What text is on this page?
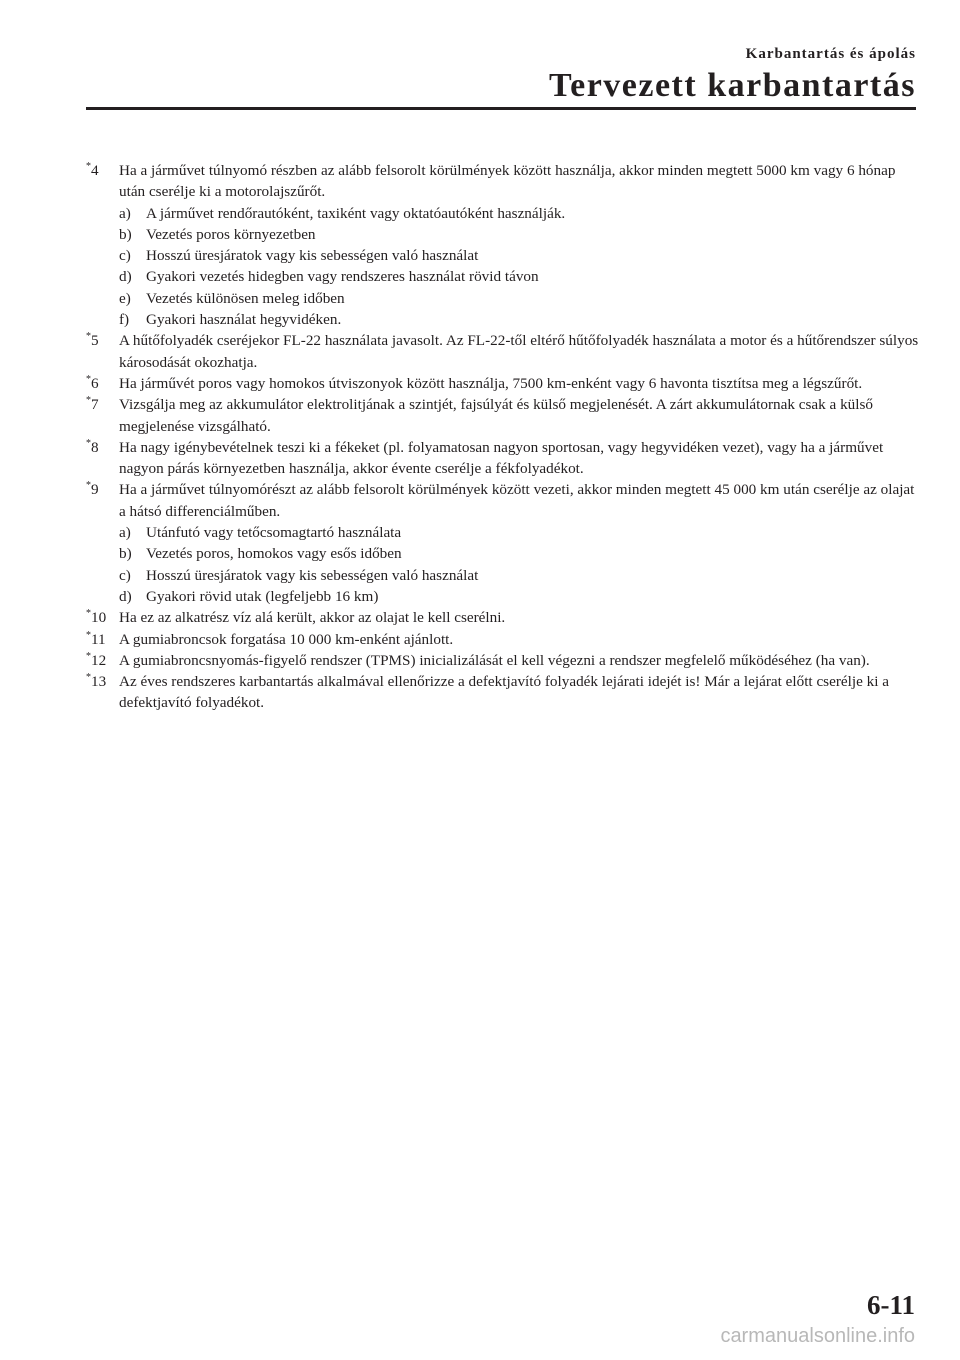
Karbantartás és ápolás
Tervezett karbantartás
*4	Ha a járművet túlnyomó részben az alább felsorolt körülmények között használja, akkor minden megtett 5000 km vagy 6 hónap után cserélje ki a motorolajszűrőt.
a) A járművet rendőrautóként, taxiként vagy oktatóautóként használják.
b) Vezetés poros környezetben
c) Hosszú üresjáratok vagy kis sebességen való használat
d) Gyakori vezetés hidegben vagy rendszeres használat rövid távon
e) Vezetés különösen meleg időben
f)	Gyakori használat hegyvidéken.
*5	A hűtőfolyadék cseréjekor FL-22 használata javasolt. Az FL-22-től eltérő hűtőfolyadék használata a motor és a hűtőrendszer súlyos károsodását okozhatja.
*6	Ha járművét poros vagy homokos útviszonyok között használja, 7500 km-enként vagy 6 havonta tisztítsa meg a légszűrőt.
*7	Vizsgálja meg az akkumulátor elektrolitjának a szintjét, fajsúlyát és külső megjelenését. A zárt akkumulátornak csak a külső megjelenése vizsgálható.
*8	Ha nagy igénybevételnek teszi ki a fékeket (pl. folyamatosan nagyon sportosan, vagy hegyvidéken vezet), vagy ha a járművet nagyon párás környezetben használja, akkor évente cserélje a fékfolyadékot.
*9	Ha a járművet túlnyomórészt az alább felsorolt körülmények között vezeti, akkor minden megtett 45 000 km után cserélje az olajat a hátsó differenciálműben.
a) Utánfutó vagy tetőcsomagtartó használata
b) Vezetés poros, homokos vagy esős időben
c) Hosszú üresjáratok vagy kis sebességen való használat
d) Gyakori rövid utak (legfeljebb 16 km)
*10 Ha ez az alkatrész víz alá került, akkor az olajat le kell cserélni.
*11 A gumiabroncsok forgatása 10 000 km-enként ajánlott.
*12 A gumiabroncsnyomás-figyelő rendszer (TPMS) inicializálását el kell végezni a rendszer megfelelő működéséhez (ha van).
*13 Az éves rendszeres karbantartás alkalmával ellenőrizze a defektjavító folyadék lejárati idejét is! Már a lejárat előtt cserélje ki a defektjavító folyadékot.
6-11
carmanualsonline.info
